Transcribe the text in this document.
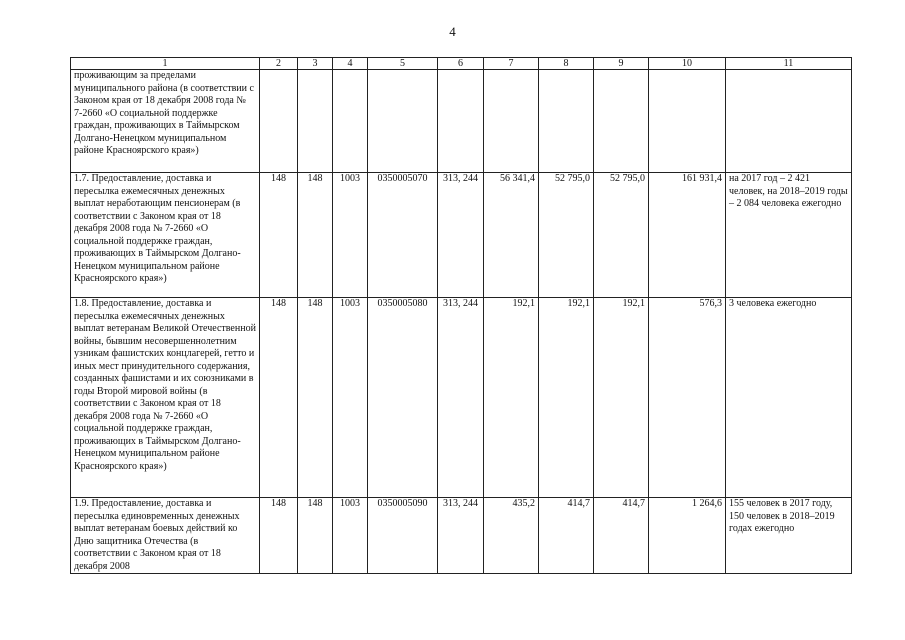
4
1	2	3	4	5	6	7	8	9	10	11
проживающим за пределами муниципального района (в соответствии с Законом края от 18 декабря 2008 года № 7-2660 «О социальной поддержке граждан, проживающих в Таймырском Долгано-Ненецком муниципальном районе Красноярского края»)										
1.7. Предоставление, доставка и пересылка ежемесячных денежных выплат неработающим пенсионерам (в соответствии с Законом края от 18 декабря 2008 года № 7-2660 «О социальной поддержке граждан, проживающих в Таймырском Долгано-Ненецком муниципальном районе Красноярского края»)	148	148	1003	0350005070	313, 244	56 341,4	52 795,0	52 795,0	161 931,4	на 2017 год – 2 421 человек, на 2018–2019 годы – 2 084 человека ежегодно
1.8. Предоставление, доставка и пересылка ежемесячных денежных выплат ветеранам Великой Отечественной войны, бывшим несовершеннолетним узникам фашистских концлагерей, гетто и иных мест принудительного содержания, созданных фашистами и их союзниками в годы Второй мировой войны (в соответствии с Законом края от 18 декабря 2008 года № 7-2660 «О социальной поддержке граждан, проживающих в Таймырском Долгано-Ненецком муниципальном районе Красноярского края»)	148	148	1003	0350005080	313, 244	192,1	192,1	192,1	576,3	3 человека ежегодно
1.9. Предоставление, доставка и пересылка единовременных денежных выплат ветеранам боевых действий ко Дню защитника Отечества (в соответствии с Законом края от 18 декабря 2008	148	148	1003	0350005090	313, 244	435,2	414,7	414,7	1 264,6	155 человек в 2017 году, 150 человек в 2018–2019 годах ежегодно
